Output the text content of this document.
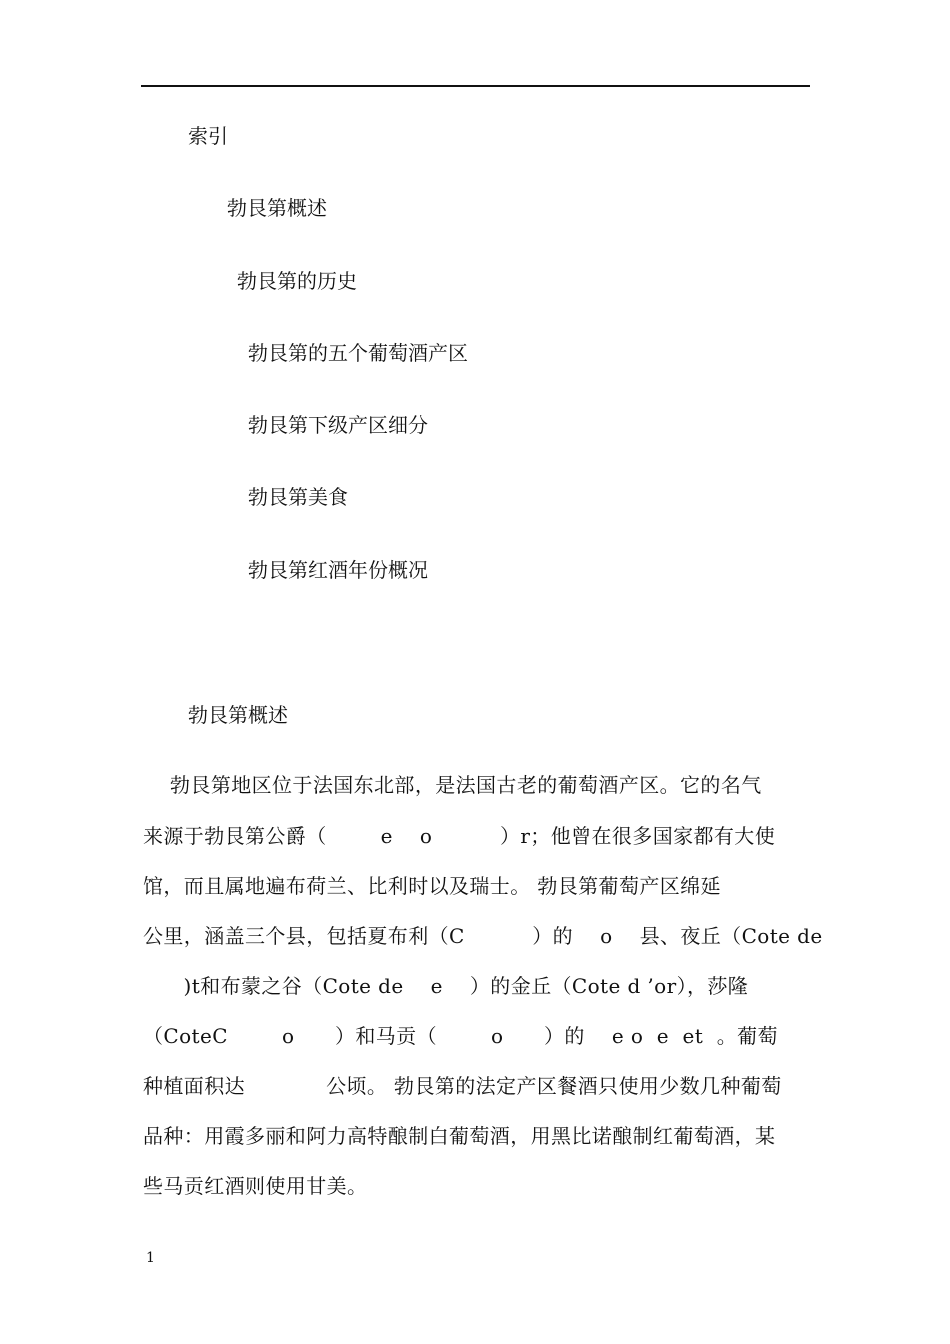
索引
勃艮第概述
勃艮第的历史
勃艮第的五个葡萄酒产区
勃艮第下级产区细分
勃艮第美食
勃艮第红酒年份概况
勃艮第概述
勃艮第地区位于法国东北部，是法国古老的葡萄酒产区。它的名气
来源于勃艮第公爵（        e    o          ）r；他曾在很多国家都有大使
馆，而且属地遍布荷兰、比利时以及瑞士。 勃艮第葡萄产区绵延
公里，涵盖三个县，包括夏布利（C          ）的    o    县、夜丘（Cote de
)t和布蒙之谷（Cote de    e    ）的金丘（Cote d ’or），莎隆
（CoteC        o      ）和马贡（        o      ）的    e o  e  et  。葡萄
种植面积达            公顷。 勃艮第的法定产区餐酒只使用少数几种葡萄
品种：用霞多丽和阿力高特酿制白葡萄酒，用黑比诺酿制红葡萄酒，某
些马贡红酒则使用甘美。
1
